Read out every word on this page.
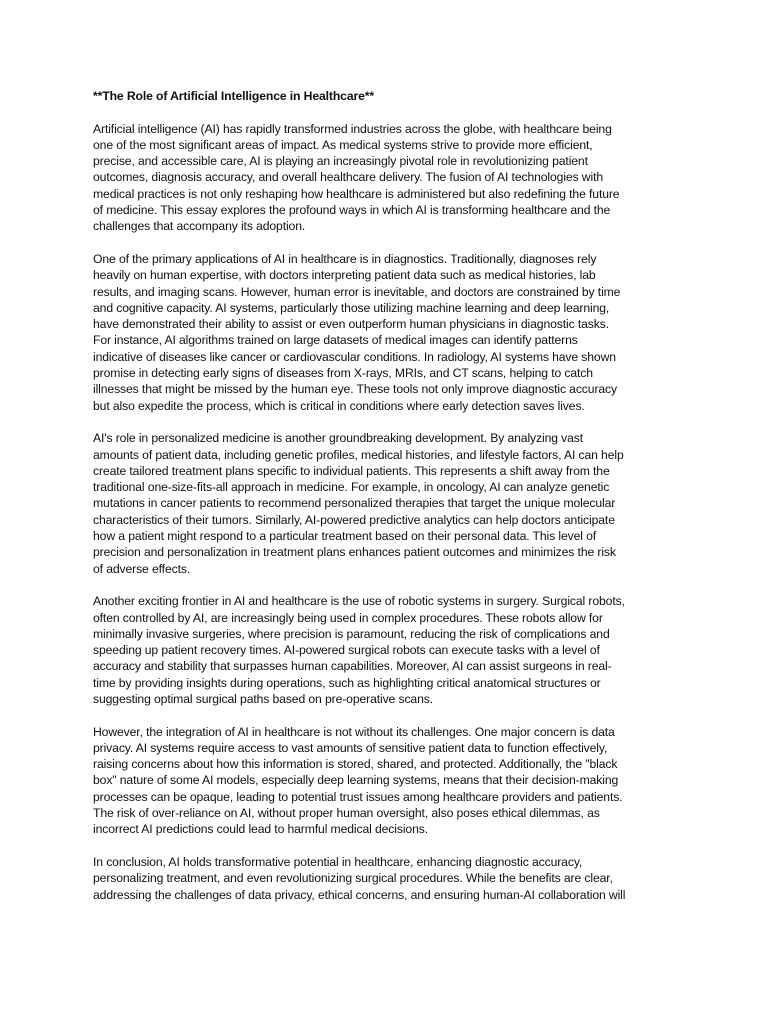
**The Role of Artificial Intelligence in Healthcare**
Artificial intelligence (AI) has rapidly transformed industries across the globe, with healthcare being
one of the most significant areas of impact. As medical systems strive to provide more efficient,
precise, and accessible care, AI is playing an increasingly pivotal role in revolutionizing patient
outcomes, diagnosis accuracy, and overall healthcare delivery. The fusion of AI technologies with
medical practices is not only reshaping how healthcare is administered but also redefining the future
of medicine. This essay explores the profound ways in which AI is transforming healthcare and the
challenges that accompany its adoption.
One of the primary applications of AI in healthcare is in diagnostics. Traditionally, diagnoses rely
heavily on human expertise, with doctors interpreting patient data such as medical histories, lab
results, and imaging scans. However, human error is inevitable, and doctors are constrained by time
and cognitive capacity. AI systems, particularly those utilizing machine learning and deep learning,
have demonstrated their ability to assist or even outperform human physicians in diagnostic tasks.
For instance, AI algorithms trained on large datasets of medical images can identify patterns
indicative of diseases like cancer or cardiovascular conditions. In radiology, AI systems have shown
promise in detecting early signs of diseases from X-rays, MRIs, and CT scans, helping to catch
illnesses that might be missed by the human eye. These tools not only improve diagnostic accuracy
but also expedite the process, which is critical in conditions where early detection saves lives.
AI's role in personalized medicine is another groundbreaking development. By analyzing vast
amounts of patient data, including genetic profiles, medical histories, and lifestyle factors, AI can help
create tailored treatment plans specific to individual patients. This represents a shift away from the
traditional one-size-fits-all approach in medicine. For example, in oncology, AI can analyze genetic
mutations in cancer patients to recommend personalized therapies that target the unique molecular
characteristics of their tumors. Similarly, AI-powered predictive analytics can help doctors anticipate
how a patient might respond to a particular treatment based on their personal data. This level of
precision and personalization in treatment plans enhances patient outcomes and minimizes the risk
of adverse effects.
Another exciting frontier in AI and healthcare is the use of robotic systems in surgery. Surgical robots,
often controlled by AI, are increasingly being used in complex procedures. These robots allow for
minimally invasive surgeries, where precision is paramount, reducing the risk of complications and
speeding up patient recovery times. AI-powered surgical robots can execute tasks with a level of
accuracy and stability that surpasses human capabilities. Moreover, AI can assist surgeons in real-
time by providing insights during operations, such as highlighting critical anatomical structures or
suggesting optimal surgical paths based on pre-operative scans.
However, the integration of AI in healthcare is not without its challenges. One major concern is data
privacy. AI systems require access to vast amounts of sensitive patient data to function effectively,
raising concerns about how this information is stored, shared, and protected. Additionally, the "black
box" nature of some AI models, especially deep learning systems, means that their decision-making
processes can be opaque, leading to potential trust issues among healthcare providers and patients.
The risk of over-reliance on AI, without proper human oversight, also poses ethical dilemmas, as
incorrect AI predictions could lead to harmful medical decisions.
In conclusion, AI holds transformative potential in healthcare, enhancing diagnostic accuracy,
personalizing treatment, and even revolutionizing surgical procedures. While the benefits are clear,
addressing the challenges of data privacy, ethical concerns, and ensuring human-AI collaboration will
